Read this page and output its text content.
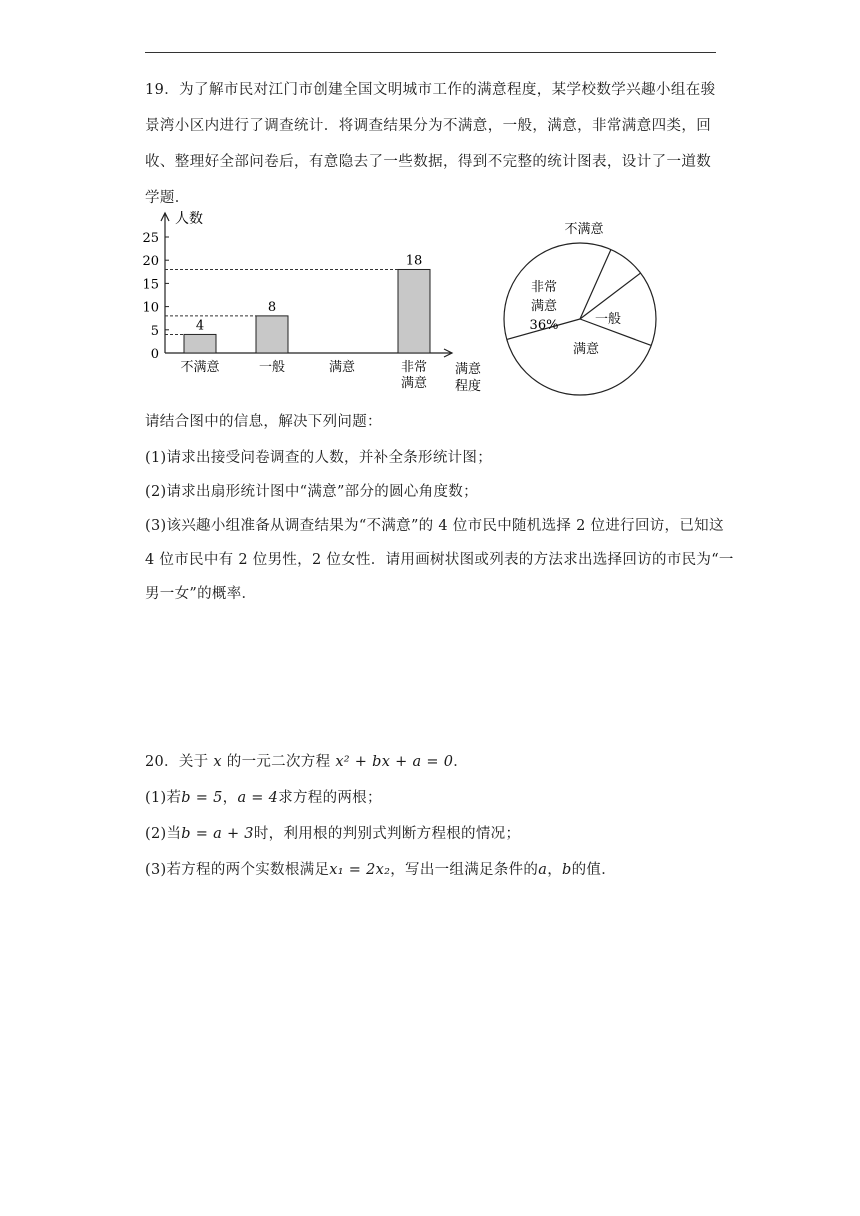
19．为了解市民对江门市创建全国文明城市工作的满意程度，某学校数学兴趣小组在骏景湾小区内进行了调查统计．将调查结果分为不满意，一般，满意，非常满意四类，回收、整理好全部问卷后，有意隐去了一些数据，得到不完整的统计图表，设计了一道数学题．
人数
0
5
10
15
20
25
4
不满意
8
一般	满意
18
非常
满意
满意
程度
不满意
一般
满意
非常
满意
36%
请结合图中的信息，解决下列问题：
(1)请求出接受问卷调查的人数，并补全条形统计图；
(2)请求出扇形统计图中“满意”部分的圆心角度数；
(3)该兴趣小组准备从调查结果为“不满意”的 4 位市民中随机选择 2 位进行回访，已知这
4 位市民中有 2 位男性，2 位女性．请用画树状图或列表的方法求出选择回访的市民为“一
男一女”的概率．
20．关于 x 的一元二次方程 x² + bx + a = 0．
(1)若b = 5，a = 4求方程的两根；
(2)当b = a + 3时，利用根的判别式判断方程根的情况；
(3)若方程的两个实数根满足x₁ = 2x₂，写出一组满足条件的a，b的值．
